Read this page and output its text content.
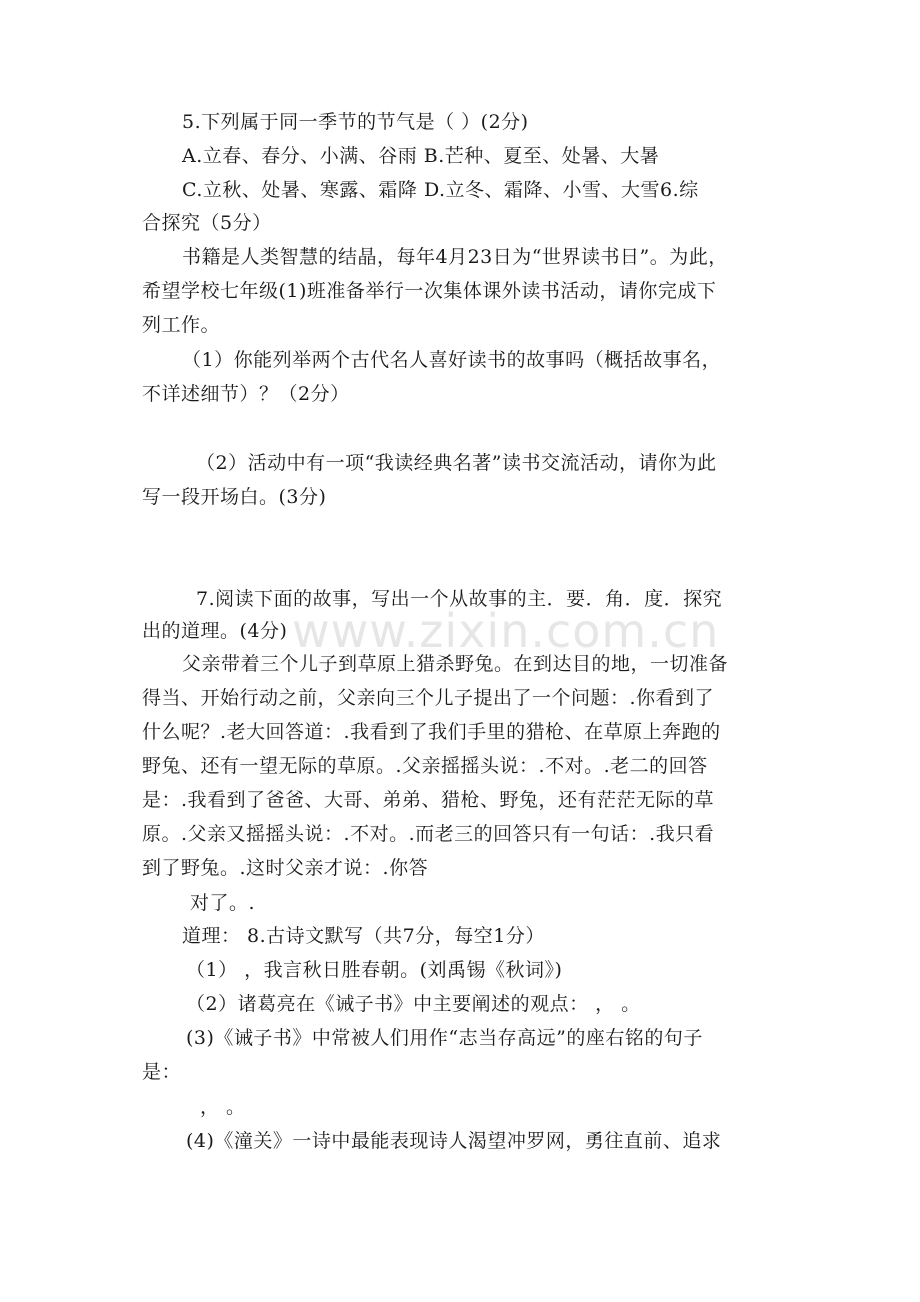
5.下列属于同一季节的节气是（ ）(2分)
A.立春、春分、小满、谷雨 B.芒种、夏至、处暑、大暑
C.立秋、处暑、寒露、霜降 D.立冬、霜降、小雪、大雪6.综
合探究（5分）
书籍是人类智慧的结晶，每年4月23日为“世界读书日”。为此，
希望学校七年级(1)班准备举行一次集体课外读书活动，请你完成下
列工作。
（1）你能列举两个古代名人喜好读书的故事吗（概括故事名，
不详述细节）？（2分）
（2）活动中有一项“我读经典名著”读书交流活动，请你为此
写一段开场白。(3分)
7.阅读下面的故事，写出一个从故事的主．要．角．度．探究
出的道理。(4分)
父亲带着三个儿子到草原上猎杀野兔。在到达目的地，一切准备
得当、开始行动之前，父亲向三个儿子提出了一个问题：.你看到了
什么呢？.老大回答道：.我看到了我们手里的猎枪、在草原上奔跑的
野兔、还有一望无际的草原。.父亲摇摇头说：.不对。.老二的回答
是：.我看到了爸爸、大哥、弟弟、猎枪、野兔，还有茫茫无际的草
原。.父亲又摇摇头说：.不对。.而老三的回答只有一句话：.我只看
到了野兔。.这时父亲才说：.你答
对了。.
道理： 8.古诗文默写（共7分，每空1分）
（1） ，我言秋日胜春朝。(刘禹锡《秋词》)
（2）诸葛亮在《诫子书》中主要阐述的观点： ， 。
(3)《诫子书》中常被人们用作“志当存高远”的座右铭的句子
是：
， 。
(4)《潼关》一诗中最能表现诗人渴望冲罗网，勇往直前、追求
www.zixin.com.cn
